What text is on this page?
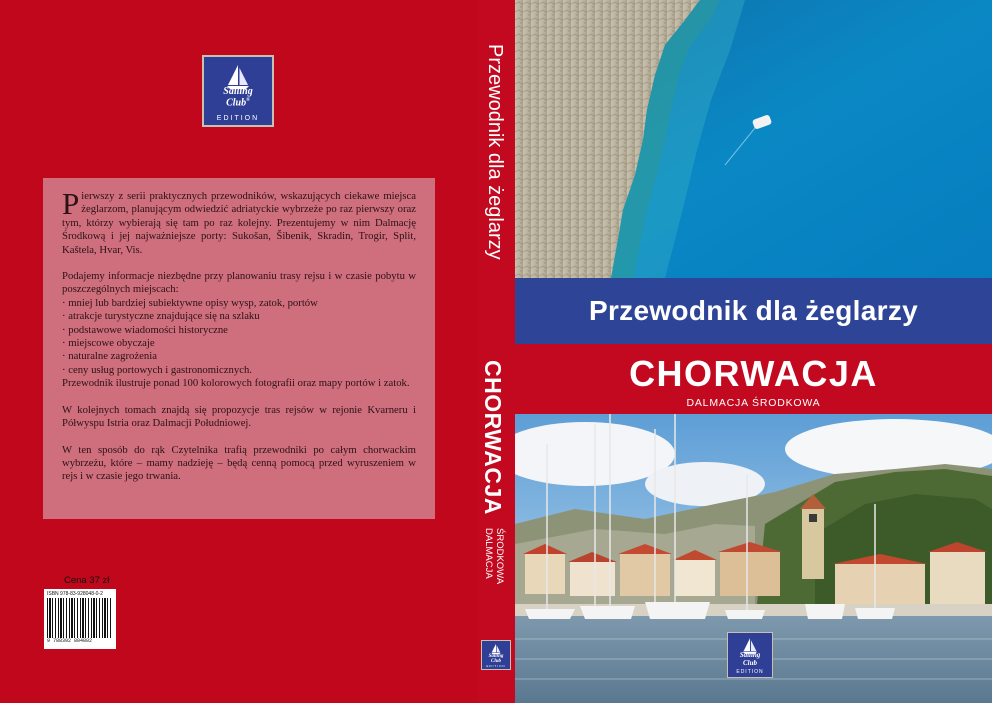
Sailing
Club®
EDITION

Pierwszy z serii praktycznych przewodników, wskazujących ciekawe miejsca żeglarzom, planującym odwiedzić adriatyckie wybrzeże po raz pierwszy oraz tym, którzy wybierają się tam po raz kolejny. Prezentujemy w nim Dalmację Środkową i jej najważniejsze porty: Sukošan, Šibenik, Skradin, Trogir, Split, Kaštela, Hvar, Vis.

Podajemy informacje niezbędne przy planowaniu trasy rejsu i w czasie pobytu w poszczególnych miejscach:
· mniej lub bardziej subiektywne opisy wysp, zatok, portów
· atrakcje turystyczne znajdujące się na szlaku
· podstawowe wiadomości historyczne
· miejscowe obyczaje
· naturalne zagrożenia
· ceny usług portowych i gastronomicznych.
Przewodnik ilustruje ponad 100 kolorowych fotografii oraz mapy portów i zatok.

W kolejnych tomach znajdą się propozycje tras rejsów w rejonie Kvarneru i Półwyspu Istria oraz Dalmacji Południowej.

W ten sposób do rąk Czytelnika trafią przewodniki po całym chorwackim wybrzeżu, które – mamy nadzieję – będą cenną pomocą przed wyruszeniem w rejs i w czasie jego trwania.

Cena 37 zł
ISBN 978-83-928048-0-2
9 788392 804802
Przewodnik dla żeglarzy
CHORWACJA
DALMACJA ŚRODKOWA
Sailing
Club
EDITION
Przewodnik dla żeglarzy
CHORWACJA
DALMACJA ŚRODKOWA
Sailing
Club
EDITION
